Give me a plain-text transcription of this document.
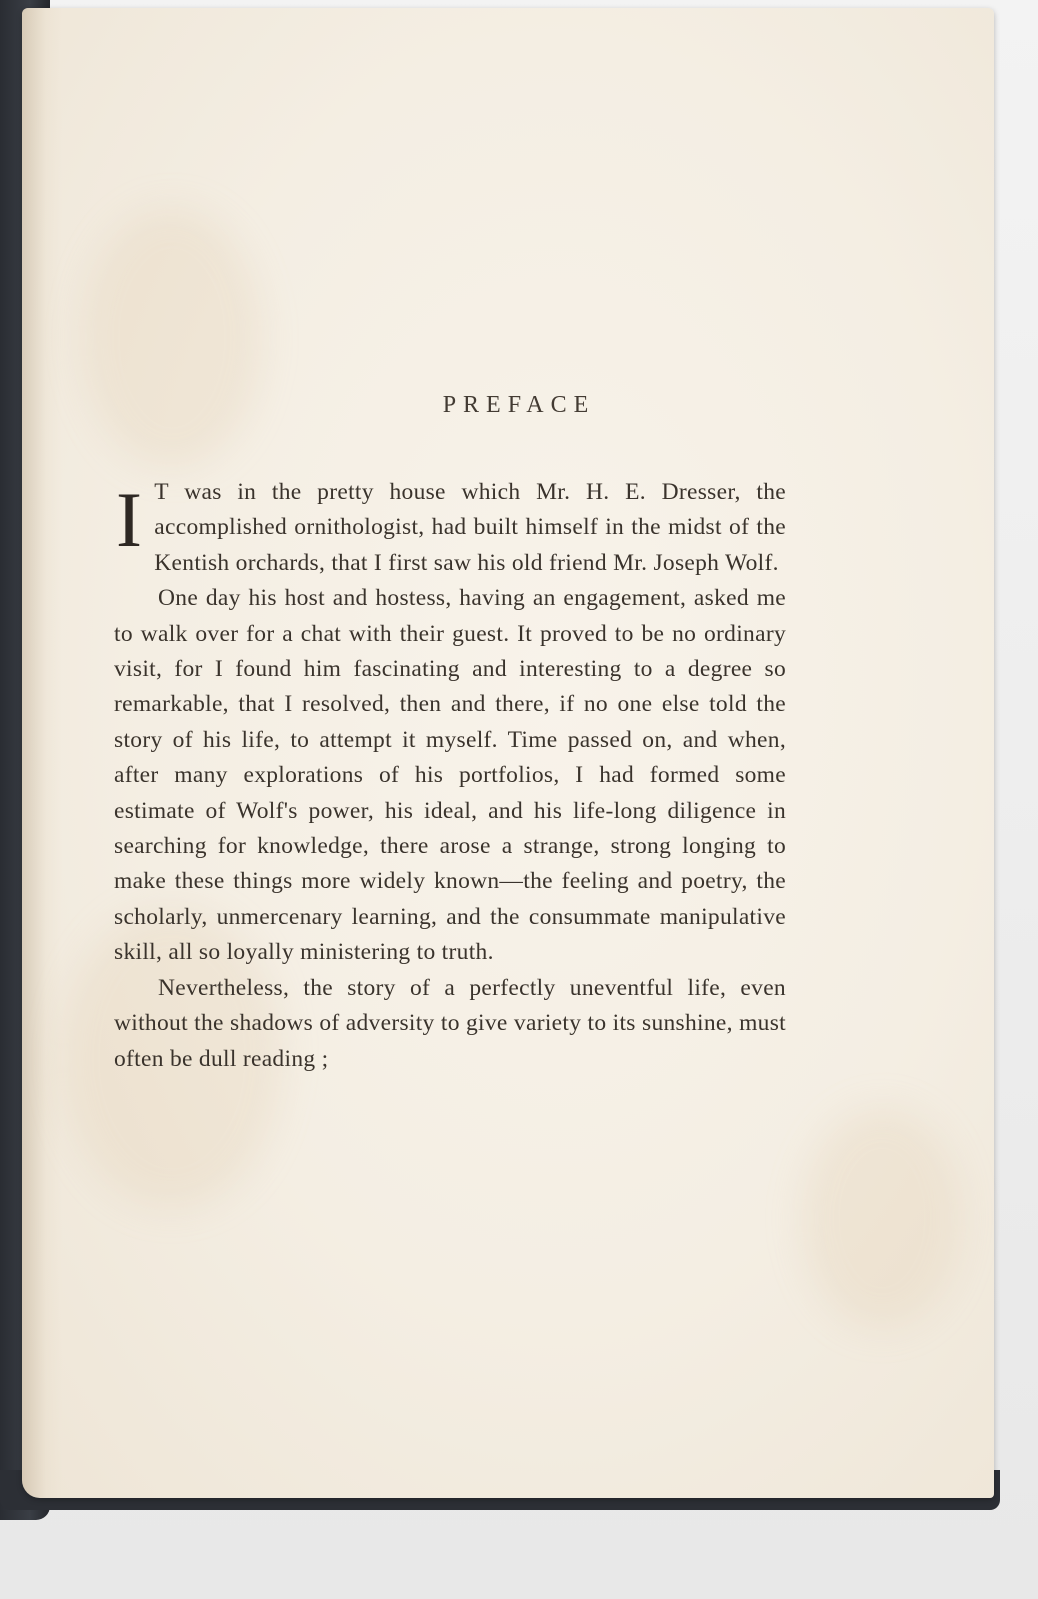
PREFACE

I T was in the pretty house which Mr. H. E. Dresser, the accomplished ornithologist, had built himself in the midst of the Kentish orchards, that I first saw his old friend Mr. Joseph Wolf.

One day his host and hostess, having an engagement, asked me to walk over for a chat with their guest. It proved to be no ordinary visit, for I found him fascinating and interesting to a degree so remarkable, that I resolved, then and there, if no one else told the story of his life, to attempt it myself. Time passed on, and when, after many explorations of his portfolios, I had formed some estimate of Wolf's power, his ideal, and his life-long diligence in searching for knowledge, there arose a strange, strong longing to make these things more widely known—the feeling and poetry, the scholarly, unmercenary learning, and the consummate manipulative skill, all so loyally ministering to truth.

Nevertheless, the story of a perfectly uneventful life, even without the shadows of adversity to give variety to its sunshine, must often be dull reading ;
